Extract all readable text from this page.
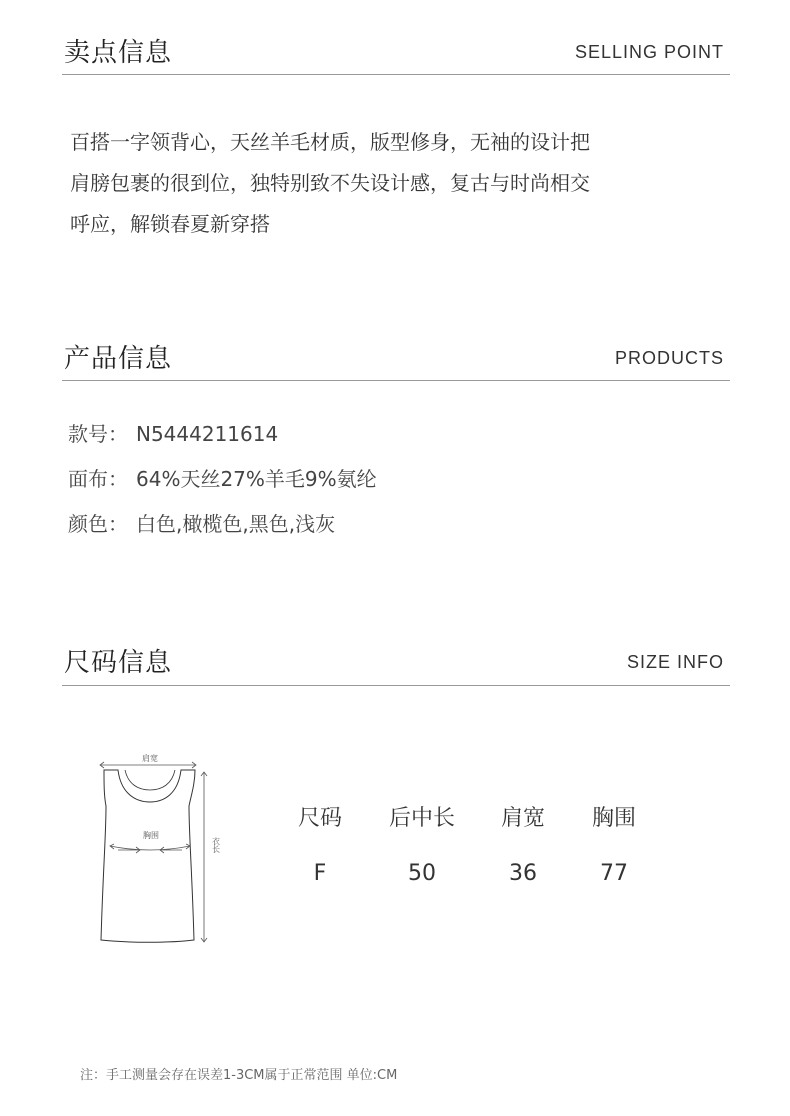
卖点信息	SELLING POINT
百搭一字领背心，天丝羊毛材质，版型修身，无袖的设计把
肩膀包裹的很到位，独特别致不失设计感，复古与时尚相交
呼应，解锁春夏新穿搭
产品信息	PRODUCTS
款号： N5444211614
面布： 64%天丝27%羊毛9%氨纶
颜色： 白色,橄榄色,黑色,浅灰
尺码信息	SIZE INFO
肩宽
胸围
衣长
尺码	后中长	肩宽	胸围
F	50	36	77
注：手工测量会存在误差1-3CM属于正常范围 单位:CM
